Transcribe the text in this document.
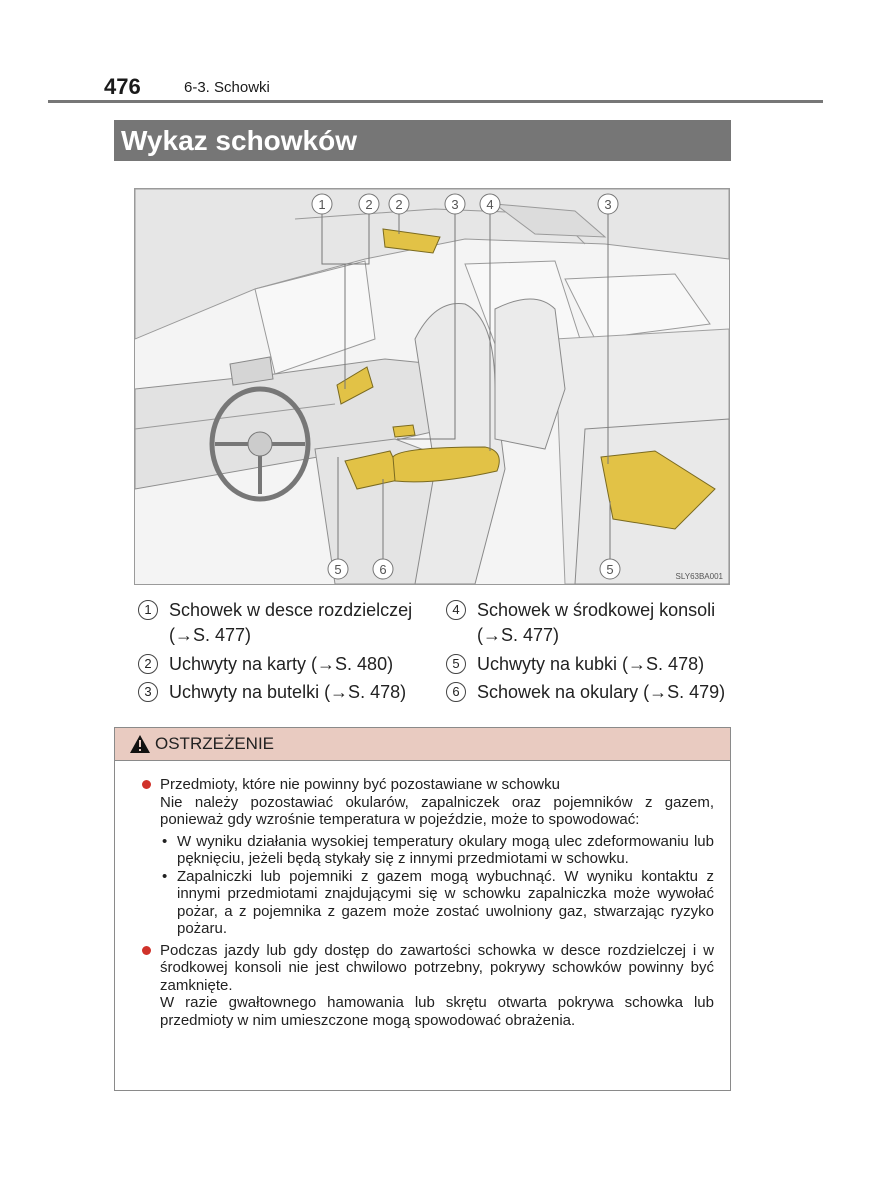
476	6-3. Schowki
Wykaz schowków
1	2 2	3 4	3
5	6	5	SLY63BA001
1 Schowek w desce rozdzielczej
(→S. 477)
2 Uchwyty na karty (→S. 480)
3 Uchwyty na butelki (→S. 478)
4 Schowek w środkowej konsoli
(→S. 477)
5 Uchwyty na kubki (→S. 478)
6 Schowek na okulary (→S. 479)
OSTRZEŻENIE
Przedmioty, które nie powinny być pozostawiane w schowku
Nie należy pozostawiać okularów, zapalniczek oraz pojemników z gazem, ponieważ gdy wzrośnie temperatura w pojeździe, może to spowodować:
• W wyniku działania wysokiej temperatury okulary mogą ulec zdeformowaniu lub pęknięciu, jeżeli będą stykały się z innymi przedmiotami w schowku.
• Zapalniczki lub pojemniki z gazem mogą wybuchnąć. W wyniku kontaktu z innymi przedmiotami znajdującymi się w schowku zapalniczka może wywołać pożar, a z pojemnika z gazem może zostać uwolniony gaz, stwarzając ryzyko pożaru.
Podczas jazdy lub gdy dostęp do zawartości schowka w desce rozdzielczej i w środkowej konsoli nie jest chwilowo potrzebny, pokrywy schowków powinny być zamknięte.
W razie gwałtownego hamowania lub skrętu otwarta pokrywa schowka lub przedmioty w nim umieszczone mogą spowodować obrażenia.
